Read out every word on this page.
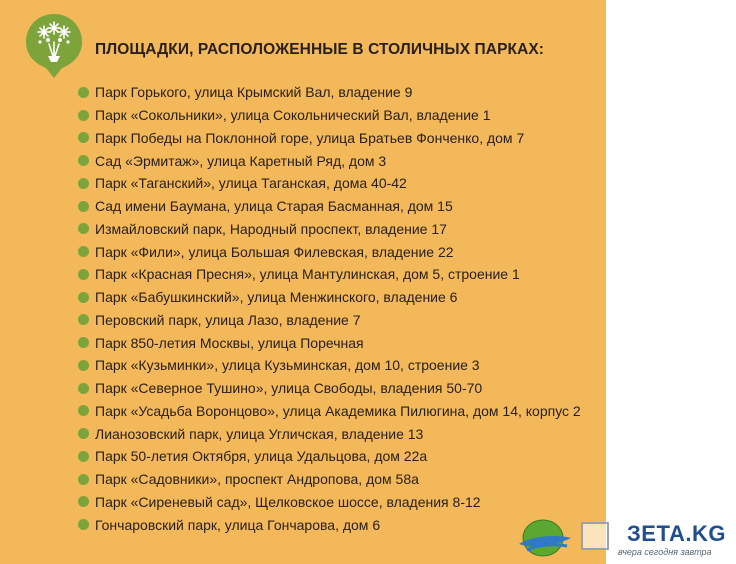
ПЛОЩАДКИ, РАСПОЛОЖЕННЫЕ В СТОЛИЧНЫХ ПАРКАХ:
Парк Горького, улица Крымский Вал, владение 9
Парк «Сокольники», улица Сокольнический Вал, владение 1
Парк Победы на Поклонной горе, улица Братьев Фонченко, дом 7
Сад «Эрмитаж», улица Каретный Ряд, дом 3
Парк «Таганский», улица Таганская, дома 40-42
Сад имени Баумана, улица Старая Басманная, дом 15
Измайловский парк, Народный проспект, владение 17
Парк «Фили», улица Большая Филевская, владение 22
Парк «Красная Пресня», улица Мантулинская, дом 5, строение 1
Парк «Бабушкинский», улица Менжинского, владение 6
Перовский парк, улица Лазо, владение 7
Парк 850-летия Москвы, улица Поречная
Парк «Кузьминки», улица Кузьминская, дом 10, строение 3
Парк «Северное Тушино», улица Свободы, владения 50-70
Парк «Усадьба Воронцово», улица Академика Пилюгина, дом 14, корпус 2
Лианозовский парк, улица Угличская, владение 13
Парк 50-летия Октября, улица Удальцова, дом 22а
Парк «Садовники», проспект Андропова, дом 58а
Парк «Сиреневый сад», Щелковское шоссе, владения 8-12
Гончаровский парк, улица Гончарова, дом 6	ЗЕТА.KG
вчера сегодня завтра
